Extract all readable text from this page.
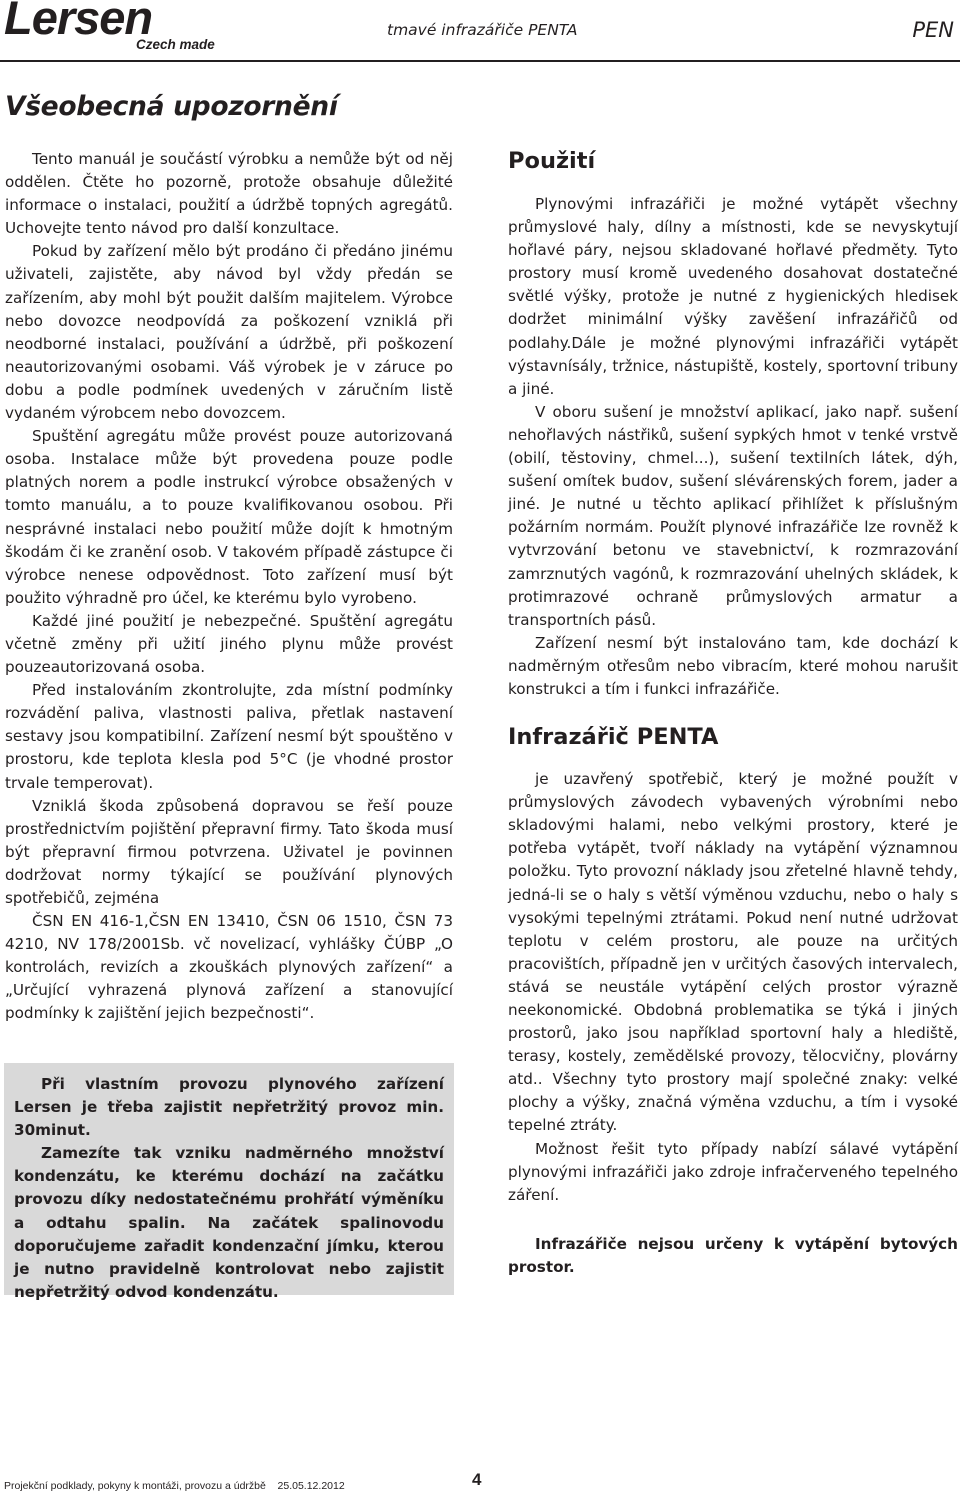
Lersen
Czech made
tmavé infrazářiče PENTA	PEN
Všeobecná upozornění

Tento manuál je součástí výrobku a nemůže být od něj oddělen. Čtěte ho pozorně, protože obsahuje důležité informace o instalaci, použití a údržbě topných agregátů. Uchovejte tento návod pro další konzultace.

Pokud by zařízení mělo být prodáno či předáno jinému uživateli, zajistěte, aby návod byl vždy předán se zařízením, aby mohl být použit dalším majitelem. Výrobce nebo dovozce neodpovídá za poškození vzniklá při neodborné instalaci, používání a údržbě, při poškození neautorizovanými osobami. Váš výrobek je v záruce po dobu a podle podmínek uvedených v záručním listě vydaném výrobcem nebo dovozcem.

Spuštění agregátu může provést pouze autorizovaná osoba. Instalace může být provedena pouze podle platných norem a podle instrukcí výrobce obsažených v tomto manuálu, a to pouze kvalifikovanou osobou. Při nesprávné instalaci nebo použití může dojít k hmotným škodám či ke zranění osob. V takovém případě zástupce či výrobce nenese odpovědnost. Toto zařízení musí být použito výhradně pro účel, ke kterému bylo vyrobeno.

Každé jiné použití je nebezpečné. Spuštění agregátu včetně změny při užití jiného plynu může provést pouzeautorizovaná osoba.

Před instalováním zkontrolujte, zda místní podmínky rozvádění paliva, vlastnosti paliva, přetlak nastavení sestavy jsou kompatibilní. Zařízení nesmí být spouštěno v prostoru, kde teplota klesla pod 5°C (je vhodné prostor trvale temperovat).

Vzniklá škoda způsobená dopravou se řeší pouze prostřednictvím pojištění přepravní firmy. Tato škoda musí být přepravní firmou potvrzena. Uživatel je povinnen dodržovat normy týkající se používání plynových spotřebičů, zejména

ČSN EN 416-1,ČSN EN 13410, ČSN 06 1510, ČSN 73 4210, NV 178/2001Sb. vč novelizací, vyhlášky ČÚBP „O kontrolách, revizích a zkouškách plynových zařízení“ a „Určující vyhrazená plynová zařízení a stanovující podmínky k zajištění jejich bezpečnosti“.

Při vlastním provozu plynového zařízení Lersen je třeba zajistit nepřetržitý provoz min. 30minut.

Zamezíte tak vzniku nadměrného množství kondenzátu, ke kterému dochází na začátku provozu díky nedostatečnému prohřátí výměníku a odtahu spalin. Na začátek spalinovodu doporučujeme zařadit kondenzační jímku, kterou je nutno pravidelně kontrolovat nebo zajistit nepřetržitý odvod kondenzátu.

Použití

Plynovými infrazářiči je možné vytápět všechny průmyslové haly, dílny a místnosti, kde se nevyskytují hořlavé páry, nejsou skladované hořlavé předměty. Tyto prostory musí kromě uvedeného dosahovat dostatečné světlé výšky, protože je nutné z hygienických hledisek dodržet minimální výšky zavěšení infrazářičů od podlahy.Dále je možné plynovými infrazářiči vytápět výstavnísály, tržnice, nástupiště, kostely, sportovní tribuny a jiné.

V oboru sušení je množství aplikací, jako např. sušení nehořlavých nástřiků, sušení sypkých hmot v tenké vrstvě (obilí, těstoviny, chmel...), sušení textilních látek, dýh, sušení omítek budov, sušení slévárenských forem, jader a jiné. Je nutné u těchto aplikací přihlížet k příslušným požárním normám. Použít plynové infrazářiče lze rovněž k vytvrzování betonu ve stavebnictví, k rozmrazování zamrznutých vagónů, k rozmrazování uhelných skládek, k protimrazové ochraně průmyslových armatur a transportních pásů.

Zařízení nesmí být instalováno tam, kde dochází k nadměrným otřesům nebo vibracím, které mohou narušit konstrukci a tím i funkci infrazářiče.

Infrazářič PENTA

je uzavřený spotřebič, který je možné použít v průmyslových závodech vybavených výrobními nebo skladovými halami, nebo velkými prostory, které je potřeba vytápět, tvoří náklady na vytápění významnou položku. Tyto provozní náklady jsou zřetelné hlavně tehdy, jedná-li se o haly s větší výměnou vzduchu, nebo o haly s vysokými tepelnými ztrátami. Pokud není nutné udržovat teplotu v celém prostoru, ale pouze na určitých pracovištích, případně jen v určitých časových intervalech, stává se neustále vytápění celých prostor výrazně neekonomické. Obdobná problematika se týká i jiných prostorů, jako jsou například sportovní haly a hlediště, terasy, kostely, zemědělské provozy, tělocvičny, plovárny atd.. Všechny tyto prostory mají společné znaky: velké plochy a výšky, značná výměna vzduchu, a tím i vysoké tepelné ztráty.

Možnost řešit tyto případy nabízí sálavé vytápění plynovými infrazářiči jako zdroje infračerveného tepelného záření.

Infrazářiče nejsou určeny k vytápění bytových prostor.

Projekční podklady, pokyny k montáži, provozu a údržbě    25.05.12.2012	4
